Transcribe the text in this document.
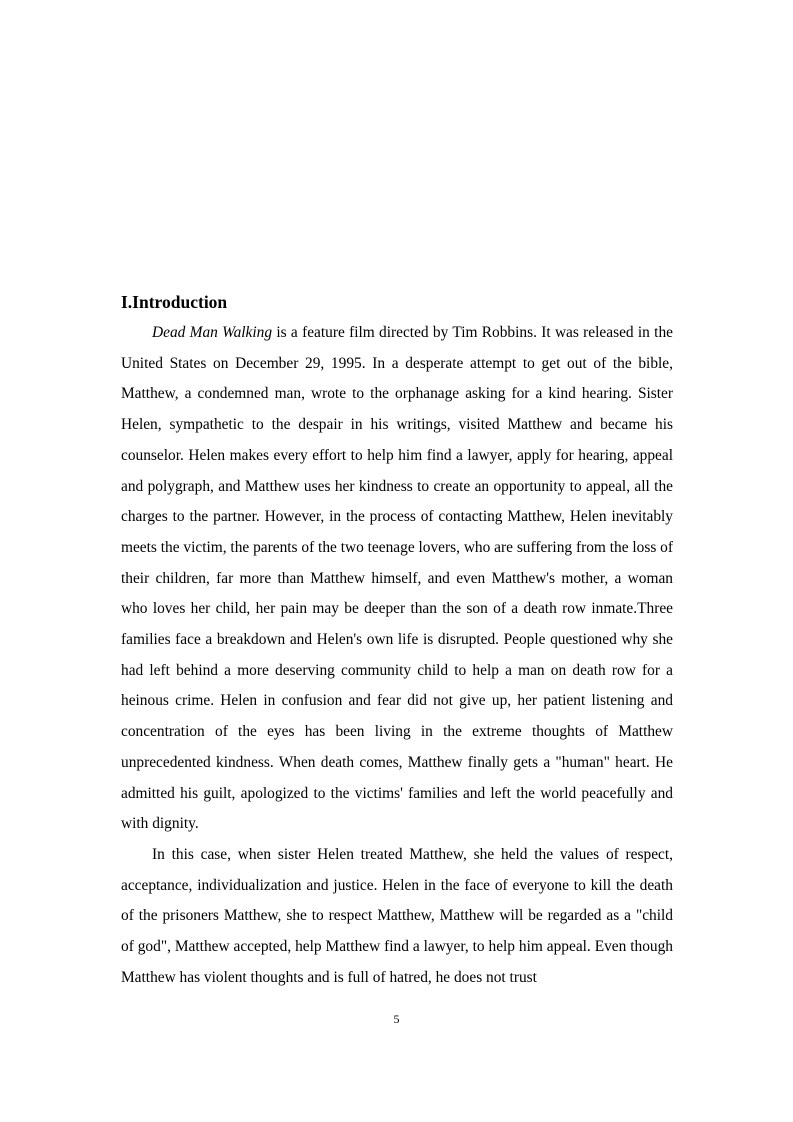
I.Introduction

Dead Man Walking is a feature film directed by Tim Robbins. It was released in the United States on December 29, 1995. In a desperate attempt to get out of the bible, Matthew, a condemned man, wrote to the orphanage asking for a kind hearing. Sister Helen, sympathetic to the despair in his writings, visited Matthew and became his counselor. Helen makes every effort to help him find a lawyer, apply for hearing, appeal and polygraph, and Matthew uses her kindness to create an opportunity to appeal, all the charges to the partner. However, in the process of contacting Matthew, Helen inevitably meets the victim, the parents of the two teenage lovers, who are suffering from the loss of their children, far more than Matthew himself, and even Matthew's mother, a woman who loves her child, her pain may be deeper than the son of a death row inmate.Three families face a breakdown and Helen's own life is disrupted. People questioned why she had left behind a more deserving community child to help a man on death row for a heinous crime. Helen in confusion and fear did not give up, her patient listening and concentration of the eyes has been living in the extreme thoughts of Matthew unprecedented kindness. When death comes, Matthew finally gets a "human" heart. He admitted his guilt, apologized to the victims' families and left the world peacefully and with dignity.

In this case, when sister Helen treated Matthew, she held the values of respect, acceptance, individualization and justice. Helen in the face of everyone to kill the death of the prisoners Matthew, she to respect Matthew, Matthew will be regarded as a "child of god", Matthew accepted, help Matthew find a lawyer, to help him appeal. Even though Matthew has violent thoughts and is full of hatred, he does not trust

5
